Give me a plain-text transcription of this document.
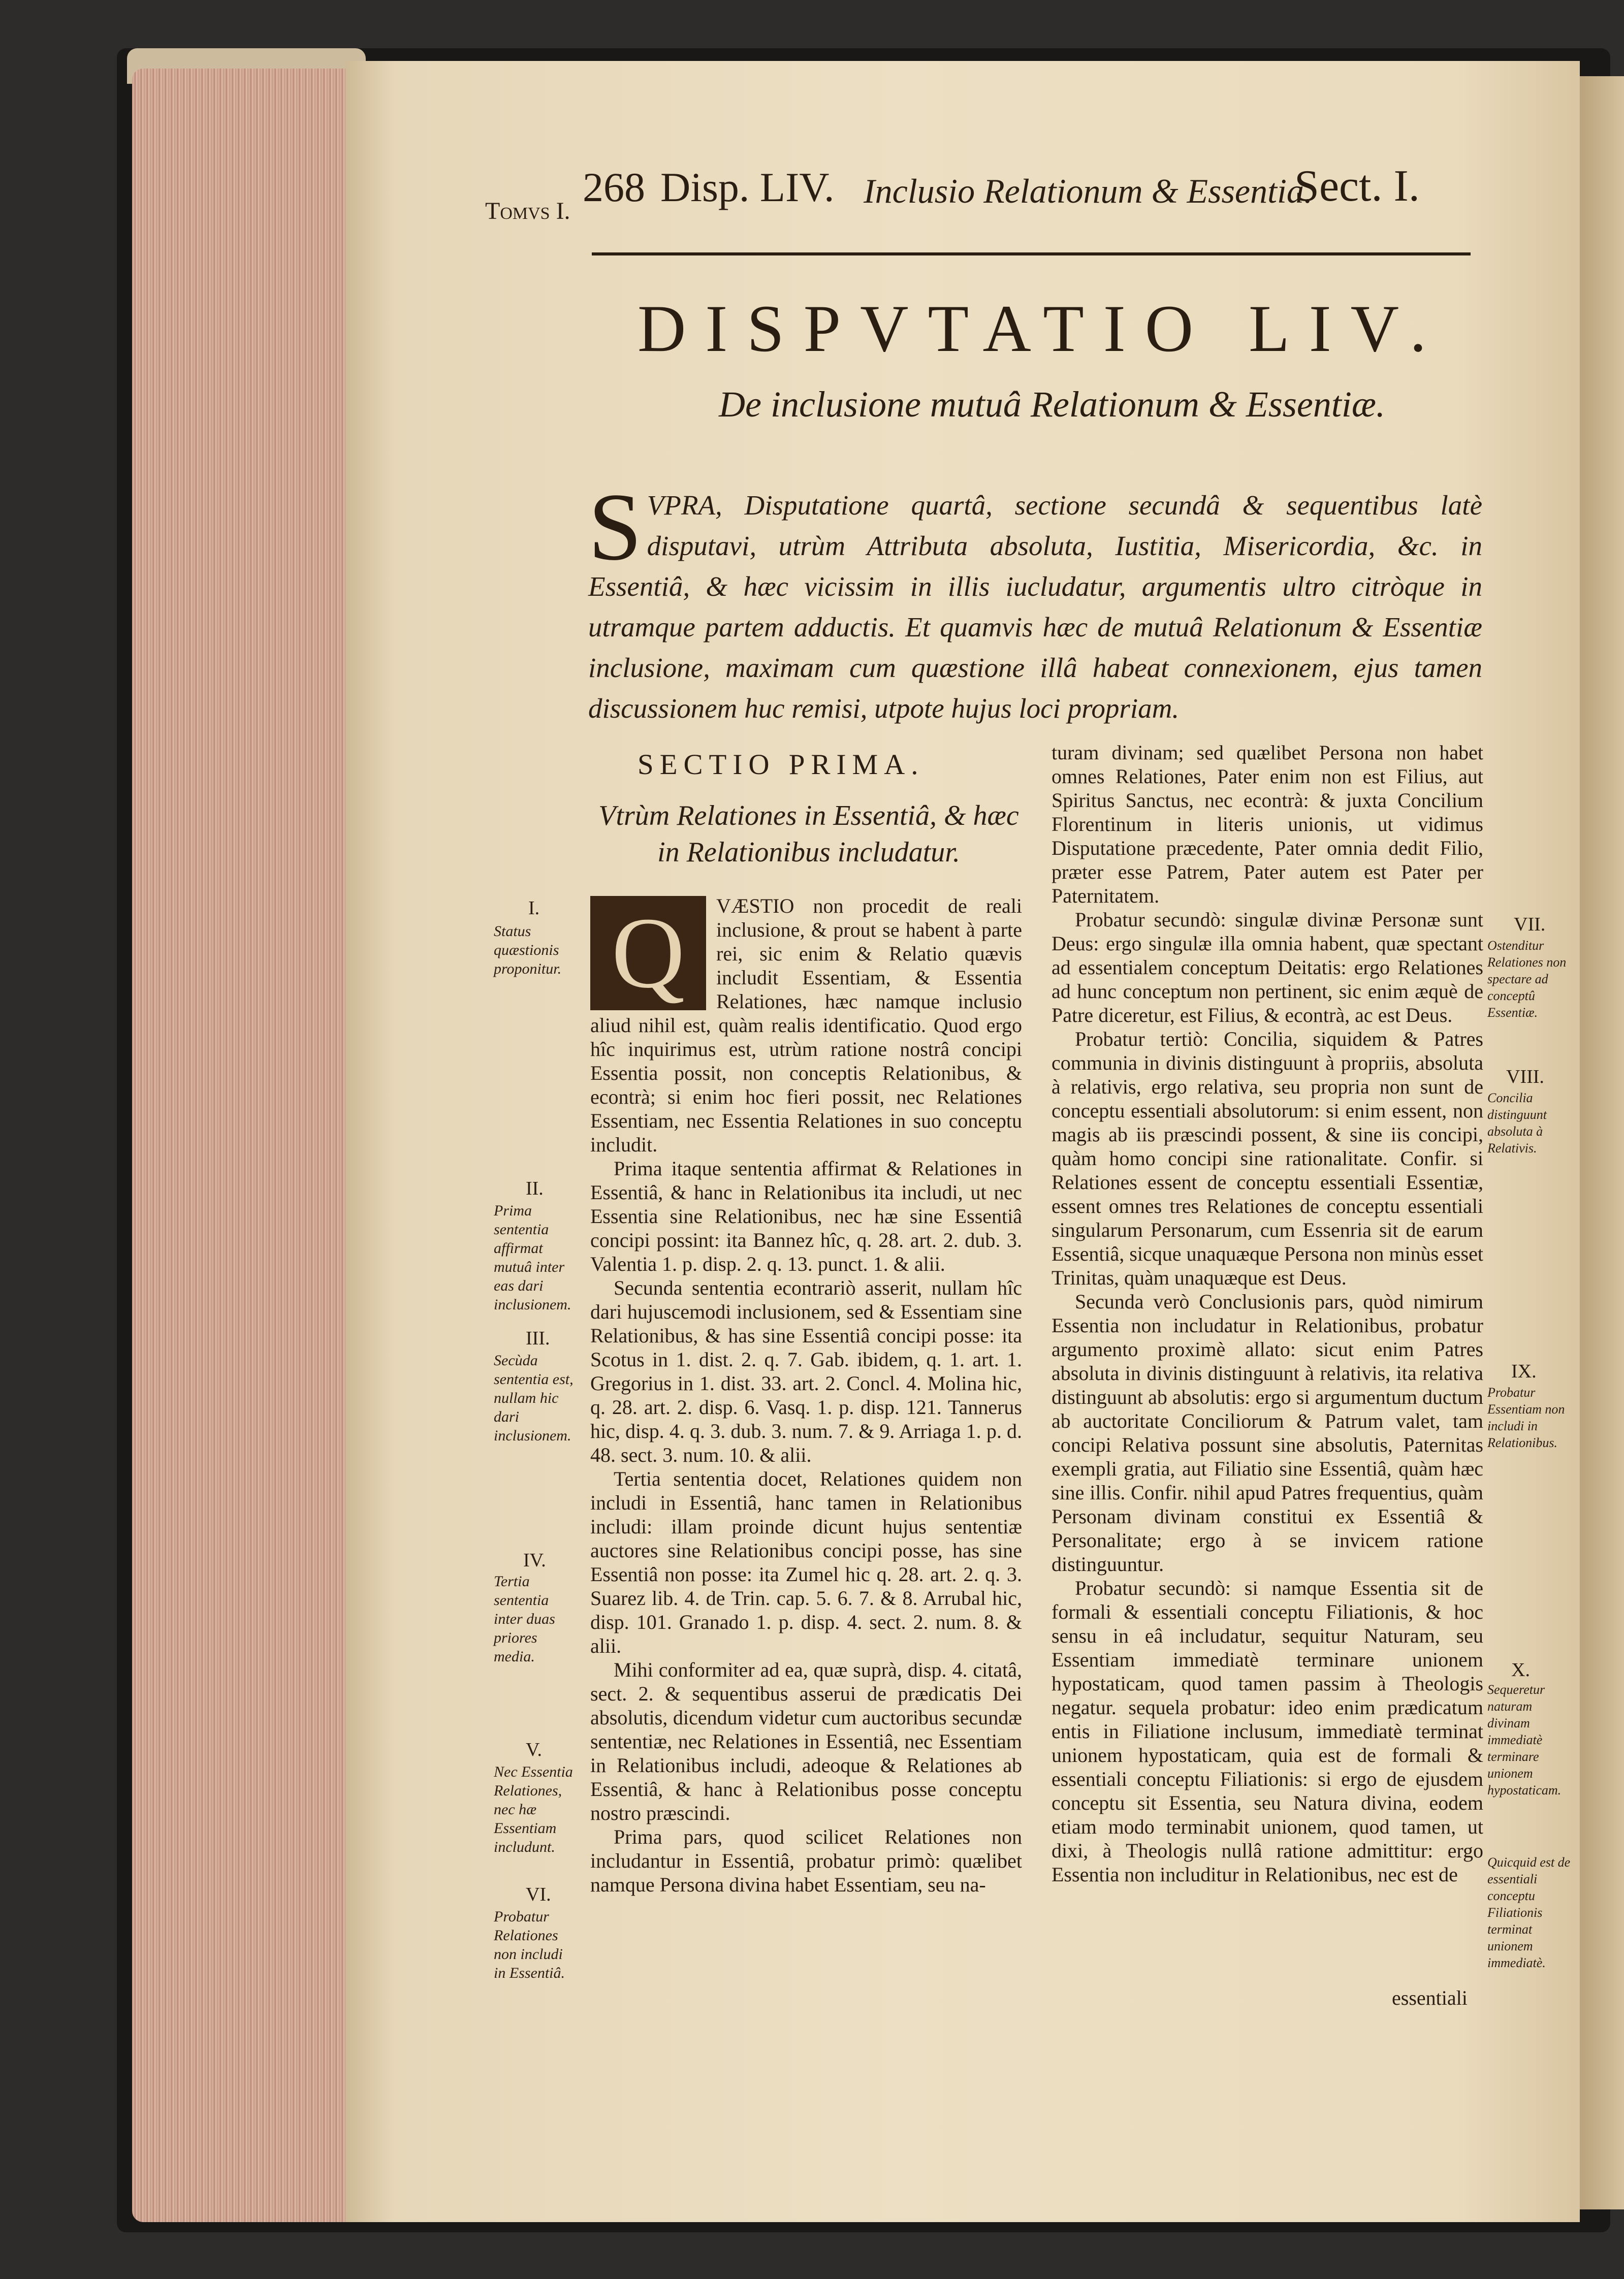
Tomvs I.
268 Disp. LIV. Inclusio Relationum & Essentia.
Sect. I.
DISPVTATIO LIV.
De inclusione mutuâ Relationum & Essentiæ.
SVPRA, Disputatione quartâ, sectione secundâ & sequentibus latè disputavi, utrùm Attributa absoluta, Iustitia, Misericordia, &c. in Essentiâ, & hæc vicissim in illis iucludatur, argumentis ultro citròque in utramque partem adductis. Et quamvis hæc de mutuâ Relationum & Essentiæ inclusione, maximam cum quæstione illâ habeat connexionem, ejus tamen discussionem huc remisi, utpote hujus loci propriam.
SECTIO PRIMA.
Vtrùm Relationes in Essentiâ, & hæc in Relationibus includatur.

Q	VÆSTIO non procedit de reali inclusione, & prout se habent à parte rei, sic enim & Relatio quævis includit Essentiam, & Essentia Relationes, hæc namque inclusio aliud nihil est, quàm realis identificatio. Quod ergo hîc inquirimus est, utrùm ratione nostrâ concipi Essentia possit, non conceptis Relationibus, & econtrà; si enim hoc fieri possit, nec Relationes Essentiam, nec Essentia Relationes in suo conceptu includit.

Prima itaque sententia affirmat & Relationes in Essentiâ, & hanc in Relationibus ita includi, ut nec Essentia sine Relationibus, nec hæ sine Essentiâ concipi possint: ita Bannez hîc, q. 28. art. 2. dub. 3. Valentia 1. p. disp. 2. q. 13. punct. 1. & alii.

Secunda sententia econtrariò asserit, nullam hîc dari hujuscemodi inclusionem, sed & Essentiam sine Relationibus, & has sine Essentiâ concipi posse: ita Scotus in 1. dist. 2. q. 7. Gab. ibidem, q. 1. art. 1. Gregorius in 1. dist. 33. art. 2. Concl. 4. Molina hic, q. 28. art. 2. disp. 6. Vasq. 1. p. disp. 121. Tannerus hic, disp. 4. q. 3. dub. 3. num. 7. & 9. Arriaga 1. p. d. 48. sect. 3. num. 10. & alii.

Tertia sententia docet, Relationes quidem non includi in Essentiâ, hanc tamen in Relationibus includi: illam proinde dicunt hujus sententiæ auctores sine Relationibus concipi posse, has sine Essentiâ non posse: ita Zumel hic q. 28. art. 2. q. 3. Suarez lib. 4. de Trin. cap. 5. 6. 7. & 8. Arrubal hic, disp. 101. Granado 1. p. disp. 4. sect. 2. num. 8. & alii.

Mihi conformiter ad ea, quæ suprà, disp. 4. citatâ, sect. 2. & sequentibus asserui de prædicatis Dei absolutis, dicendum videtur cum auctoribus secundæ sententiæ, nec Relationes in Essentiâ, nec Essentiam in Relationibus includi, adeoque & Relationes ab Essentiâ, & hanc à Relationibus posse conceptu nostro præscindi.

Prima pars, quod scilicet Relationes non includantur in Essentiâ, probatur primò: quælibet namque Persona divina habet Essentiam, seu na-

turam divinam; sed quælibet Persona non habet omnes Relationes, Pater enim non est Filius, aut Spiritus Sanctus, nec econtrà: & juxta Concilium Florentinum in literis unionis, ut vidimus Disputatione præcedente, Pater omnia dedit Filio, præter esse Patrem, Pater autem est Pater per Paternitatem.

Probatur secundò: singulæ divinæ Personæ sunt Deus: ergo singulæ illa omnia habent, quæ spectant ad essentialem conceptum Deitatis: ergo Relationes ad hunc conceptum non pertinent, sic enim æquè de Patre diceretur, est Filius, & econtrà, ac est Deus.

Probatur tertiò: Concilia, siquidem & Patres communia in divinis distinguunt à propriis, absoluta à relativis, ergo relativa, seu propria non sunt de conceptu essentiali absolutorum: si enim essent, non magis ab iis præscindi possent, & sine iis concipi, quàm homo concipi sine rationalitate. Confir. si Relationes essent de conceptu essentiali Essentiæ, essent omnes tres Relationes de conceptu essentiali singularum Personarum, cum Essenria sit de earum Essentiâ, sicque unaquæque Persona non minùs esset Trinitas, quàm unaquæque est Deus.

Secunda verò Conclusionis pars, quòd nimirum Essentia non includatur in Relationibus, probatur argumento proximè allato: sicut enim Patres absoluta in divinis distinguunt à relativis, ita relativa distinguunt ab absolutis: ergo si argumentum ductum ab auctoritate Conciliorum & Patrum valet, tam concipi Relativa possunt sine absolutis, Paternitas exempli gratia, aut Filiatio sine Essentiâ, quàm hæc sine illis. Confir. nihil apud Patres frequentius, quàm Personam divinam constitui ex Essentiâ & Personalitate; ergo à se invicem ratione distinguuntur.

Probatur secundò: si namque Essentia sit de formali & essentiali conceptu Filiationis, & hoc sensu in eâ includatur, sequitur Naturam, seu Essentiam immediatè terminare unionem hypostaticam, quod tamen passim à Theologis negatur. sequela probatur: ideo enim prædicatum entis in Filiatione inclusum, immediatè terminat unionem hypostaticam, quia est de formali & essentiali conceptu Filiationis: si ergo de ejusdem conceptu sit Essentia, seu Natura divina, eodem etiam modo terminabit unionem, quod tamen, ut dixi, à Theologis nullâ ratione admittitur: ergo Essentia non includitur in Relationibus, nec est de

essentiali
I.
Status quæstionis proponitur.
II.
Prima sententia affirmat mutuâ inter eas dari inclusionem.
III.
Secùda sententia est, nullam hic dari inclusionem.
IV.
Tertia sententia inter duas priores media.
V.
Nec Essentia Relationes, nec hæ Essentiam includunt.
VI.
Probatur Relationes non includi in Essentiâ.
VII.
Ostenditur Relationes non spectare ad conceptû Essentiæ.
VIII.
Concilia distinguunt absoluta à Relativis.
IX.
Probatur Essentiam non includi in Relationibus.
X.
Sequeretur naturam divinam immediatè terminare unionem hypostaticam.
Quicquid est de essentiali conceptu Filiationis terminat unionem immediatè.
